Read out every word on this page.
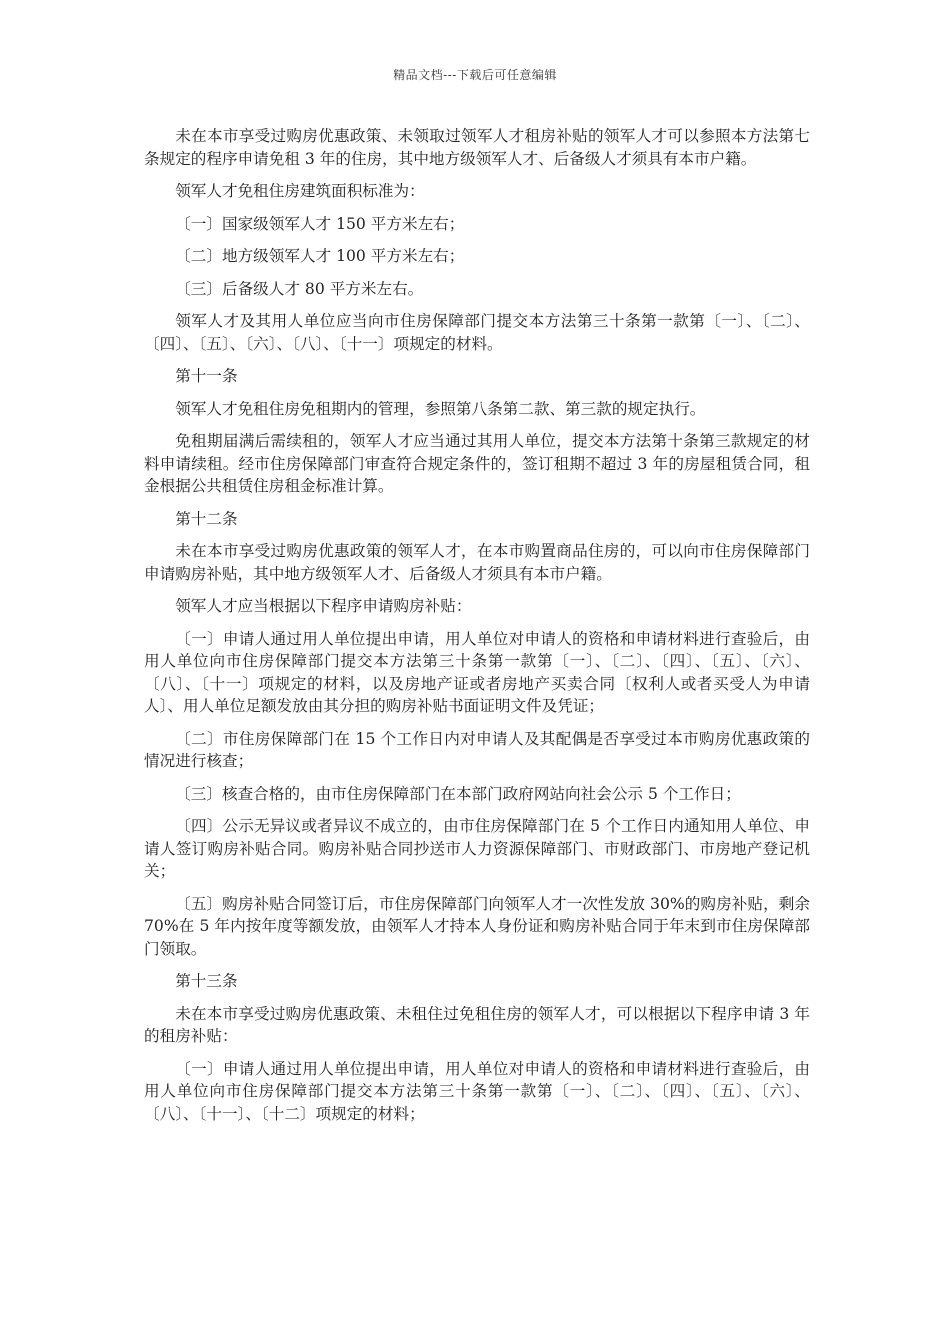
精品文档---下载后可任意编辑

未在本市享受过购房优惠政策、未领取过领军人才租房补贴的领军人才可以参照本方法第七条规定的程序申请免租 3 年的住房，其中地方级领军人才、后备级人才须具有本市户籍。

领军人才免租住房建筑面积标准为：

〔一〕国家级领军人才 150 平方米左右；

〔二〕地方级领军人才 100 平方米左右；

〔三〕后备级人才 80 平方米左右。

领军人才及其用人单位应当向市住房保障部门提交本方法第三十条第一款第〔一〕、〔二〕、〔四〕、〔五〕、〔六〕、〔八〕、〔十一〕项规定的材料。

第十一条

领军人才免租住房免租期内的管理，参照第八条第二款、第三款的规定执行。

免租期届满后需续租的，领军人才应当通过其用人单位，提交本方法第十条第三款规定的材料申请续租。经市住房保障部门审查符合规定条件的，签订租期不超过 3 年的房屋租赁合同，租金根据公共租赁住房租金标准计算。

第十二条

未在本市享受过购房优惠政策的领军人才，在本市购置商品住房的，可以向市住房保障部门申请购房补贴，其中地方级领军人才、后备级人才须具有本市户籍。

领军人才应当根据以下程序申请购房补贴：

〔一〕申请人通过用人单位提出申请，用人单位对申请人的资格和申请材料进行查验后，由用人单位向市住房保障部门提交本方法第三十条第一款第〔一〕、〔二〕、〔四〕、〔五〕、〔六〕、〔八〕、〔十一〕项规定的材料，以及房地产证或者房地产买卖合同〔权利人或者买受人为申请人〕、用人单位足额发放由其分担的购房补贴书面证明文件及凭证；

〔二〕市住房保障部门在 15 个工作日内对申请人及其配偶是否享受过本市购房优惠政策的情况进行核查；

〔三〕核查合格的，由市住房保障部门在本部门政府网站向社会公示 5 个工作日；

〔四〕公示无异议或者异议不成立的，由市住房保障部门在 5 个工作日内通知用人单位、申请人签订购房补贴合同。购房补贴合同抄送市人力资源保障部门、市财政部门、市房地产登记机关；

〔五〕购房补贴合同签订后，市住房保障部门向领军人才一次性发放 30%的购房补贴，剩余 70%在 5 年内按年度等额发放，由领军人才持本人身份证和购房补贴合同于年末到市住房保障部门领取。

第十三条

未在本市享受过购房优惠政策、未租住过免租住房的领军人才，可以根据以下程序申请 3 年的租房补贴：

〔一〕申请人通过用人单位提出申请，用人单位对申请人的资格和申请材料进行查验后，由用人单位向市住房保障部门提交本方法第三十条第一款第〔一〕、〔二〕、〔四〕、〔五〕、〔六〕、〔八〕、〔十一〕、〔十二〕项规定的材料；
